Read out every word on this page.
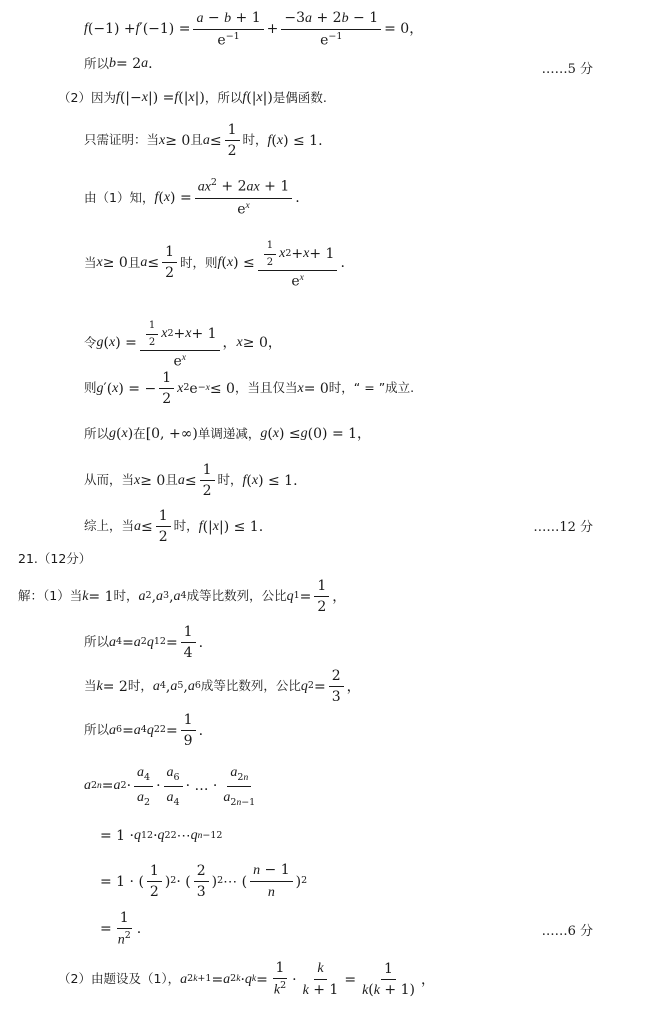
f (−1) + f $'(-1) = \frac{a - b + 1}{e^{-1}} + \frac{-3a + 2b - 1}{e^{-1}} = 0$，
所以 b = 2 a .	……5 分
（2）因为 f (|− x |) = f (| x |) ，所以 f (| x |) 是偶函数.
只需证明：当 x ≥ 0 且 $a \le \frac{1}{2}$ 时， f ( x ) ≤ 1.
由（1）知， f ( x ) = $\frac{ax^2 + 2ax + 1}{e^x}$ .
当 x ≥ 0 且 $a \le \frac{1}{2}$ 时，则 f ( x ) ≤ $\frac{\frac{1}{2} x 2 + x + 1}{e^x}$ .
令 g ( x ) = $\frac{\frac{1}{2} x 2 + x + 1}{e^x}$ ， x ≥ 0，
则 g ′( x ) = − $\frac{1}{2}$ x 2 e −x ≤ 0 ，当且仅当 x = 0 时，“ = ”成立.
所以 g ( x ) 在 [0, +∞) 单调递减， g ( x ) ≤ g (0) = 1，
从而，当 x ≥ 0 且 $a \le \frac{1}{2}$ 时， f ( x ) ≤ 1.
综上，当 $a \le \frac{1}{2}$ 时， f (| x |) ≤ 1.	……12 分
21.（12分）
解：（1）当 k = 1 时， a 2 , a 3 , a 4 成等比数列，公比 q $1 = \frac{1}{2}$ ，
所以 a 4 = a 2 q 1 $2 = \frac{1}{4}$ .
当 k = 2 时， a 4 , a 5 , a 6 成等比数列，公比 q $2 = \frac{2}{3}$ ，
所以 a 6 = a 4 q 2 $2 = \frac{1}{9}$ .
a 2n = a $2 \cdot \frac{a_4}{a_2} \cdot \frac{a_6}{a_4}$ · … · $\frac{a_{2n}}{a_{2n-1}}$
= 1 · q 1 2 · q 2 2 ⋯ q n−1 2
= 1 · ( $\frac{1}{2}$ ) 2 · ( $\frac{2}{3}$ ) 2 ⋯ ( $\frac{n - 1}{n}$ ) 2
= $\frac{1}{n^2}$ .	……6 分
（2）由题设及（1）， a 2k+1 = a 2k · q $k = \frac{1}{k^2} \cdot \frac{k}{k + 1} = \frac{1}{k(k + 1)}$ ，
